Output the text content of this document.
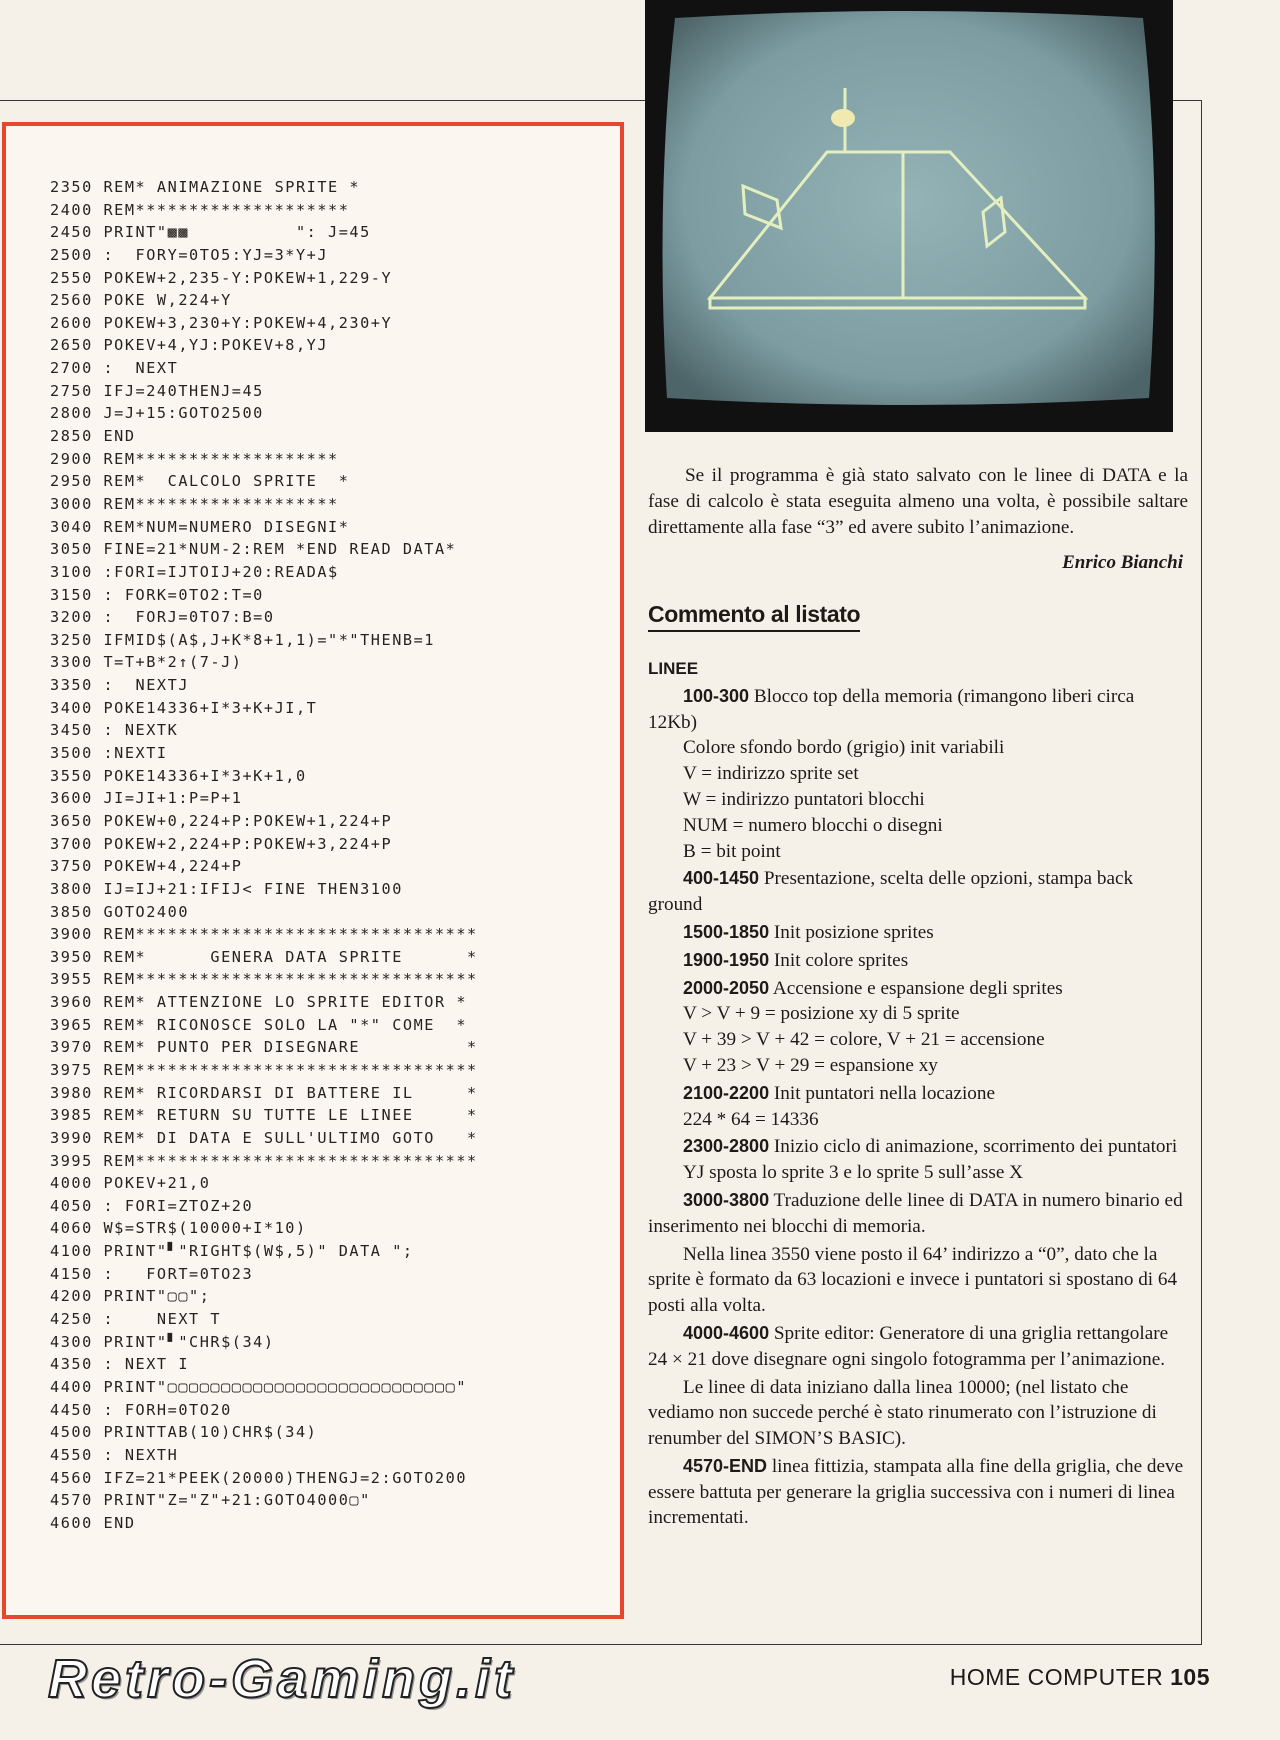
2350 REM* ANIMAZIONE SPRITE *
2400 REM********************
2450 PRINT"▩▩          ": J=45
2500 :  FORY=0TO5:YJ=3*Y+J
2550 POKEW+2,235-Y:POKEW+1,229-Y
2560 POKE W,224+Y
2600 POKEW+3,230+Y:POKEW+4,230+Y
2650 POKEV+4,YJ:POKEV+8,YJ
2700 :  NEXT
2750 IFJ=240THENJ=45
2800 J=J+15:GOTO2500
2850 END
2900 REM*******************
2950 REM*  CALCOLO SPRITE  *
3000 REM*******************
3040 REM*NUM=NUMERO DISEGNI*
3050 FINE=21*NUM-2:REM *END READ DATA*
3100 :FORI=IJTOIJ+20:READA$
3150 : FORK=0TO2:T=0
3200 :  FORJ=0TO7:B=0
3250 IFMID$(A$,J+K*8+1,1)="*"THENB=1
3300 T=T+B*2↑(7-J)
3350 :  NEXTJ
3400 POKE14336+I*3+K+JI,T
3450 : NEXTK
3500 :NEXTI
3550 POKE14336+I*3+K+1,0
3600 JI=JI+1:P=P+1
3650 POKEW+0,224+P:POKEW+1,224+P
3700 POKEW+2,224+P:POKEW+3,224+P
3750 POKEW+4,224+P
3800 IJ=IJ+21:IFIJ< FINE THEN3100
3850 GOTO2400
3900 REM********************************
3950 REM*      GENERA DATA SPRITE      *
3955 REM********************************
3960 REM* ATTENZIONE LO SPRITE EDITOR *
3965 REM* RICONOSCE SOLO LA "*" COME  *
3970 REM* PUNTO PER DISEGNARE          *
3975 REM********************************
3980 REM* RICORDARSI DI BATTERE IL     *
3985 REM* RETURN SU TUTTE LE LINEE     *
3990 REM* DI DATA E SULL'ULTIMO GOTO   *
3995 REM********************************
4000 POKEV+21,0
4050 : FORI=ZTOZ+20
4060 W$=STR$(10000+I*10)
4100 PRINT"▘"RIGHT$(W$,5)" DATA ";
4150 :   FORT=0TO23
4200 PRINT"▢▢";
4250 :    NEXT T
4300 PRINT"▘"CHR$(34)
4350 : NEXT I
4400 PRINT"▢▢▢▢▢▢▢▢▢▢▢▢▢▢▢▢▢▢▢▢▢▢▢▢▢▢▢"
4450 : FORH=0TO20
4500 PRINTTAB(10)CHR$(34)
4550 : NEXTH
4560 IFZ=21*PEEK(20000)THENGJ=2:GOTO200
4570 PRINT"Z="Z"+21:GOTO4000▢"
4600 END

Se il programma è già stato salvato con le linee di DATA e la fase di calcolo è stata eseguita almeno una volta, è possibile saltare direttamente alla fase “3” ed avere subito l’animazione.

Enrico Bianchi

Commento al listato
LINEE

100-300 Blocco top della memoria (rimangono liberi circa 12Kb)

Colore sfondo bordo (grigio) init variabili

V = indirizzo sprite set

W = indirizzo puntatori blocchi

NUM = numero blocchi o disegni

B = bit point

400-1450 Presentazione, scelta delle opzioni, stampa back ground

1500-1850 Init posizione sprites

1900-1950 Init colore sprites

2000-2050 Accensione e espansione degli sprites

V > V + 9 = posizione xy di 5 sprite

V + 39 > V + 42 = colore, V + 21 = accensione

V + 23 > V + 29 = espansione xy

2100-2200 Init puntatori nella locazione

224 * 64 = 14336

2300-2800 Inizio ciclo di animazione, scorrimento dei puntatori

YJ sposta lo sprite 3 e lo sprite 5 sull’asse X

3000-3800 Traduzione delle linee di DATA in numero binario ed inserimento nei blocchi di memoria.

Nella linea 3550 viene posto il 64’ indirizzo a “0”, dato che la sprite è formato da 63 locazioni e invece i puntatori si spostano di 64 posti alla volta.

4000-4600 Sprite editor: Generatore di una griglia rettangolare 24 × 21 dove disegnare ogni singolo fotogramma per l’animazione.

Le linee di data iniziano dalla linea 10000; (nel listato che vediamo non succede perché è stato rinumerato con l’istruzione di renumber del SIMON’S BASIC).

4570-END linea fittizia, stampata alla fine della griglia, che deve essere battuta per generare la griglia successiva con i numeri di linea incrementati.

Retro-Gaming.it	HOME COMPUTER 105
